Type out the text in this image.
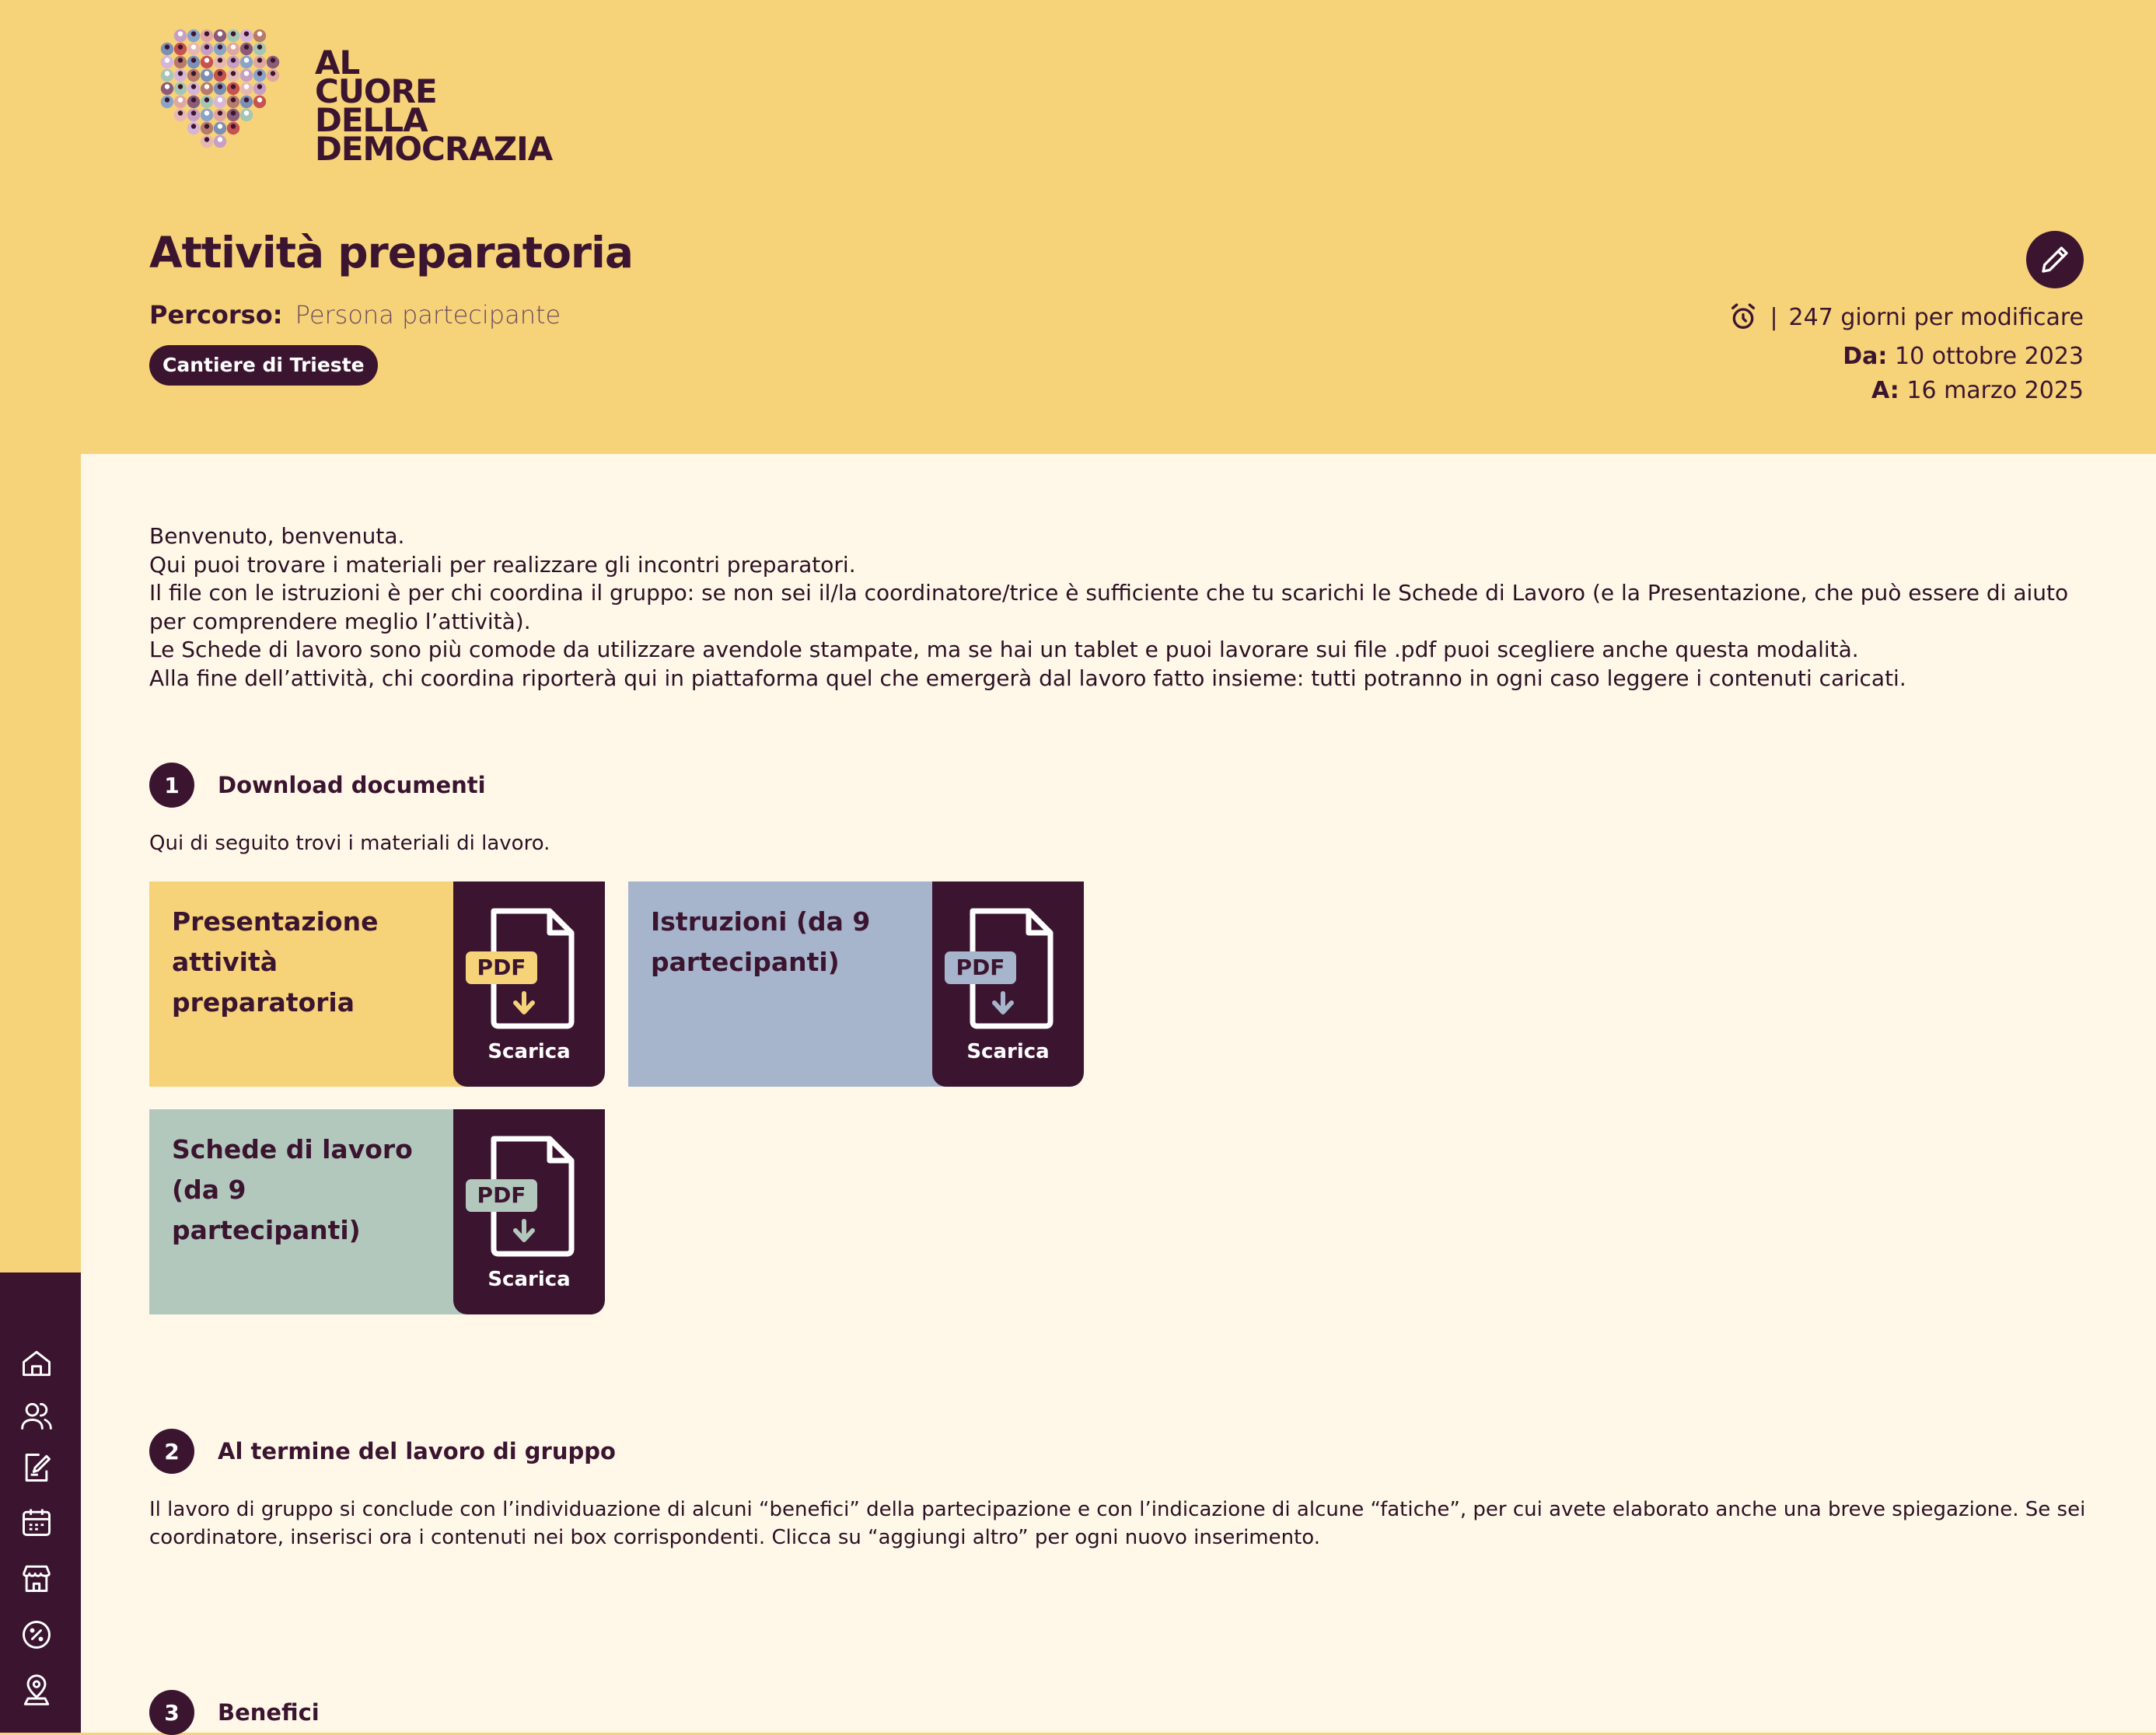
AL
CUORE
DELLA
DEMOCRAZIA
Attività preparatoria
Percorso: Persona partecipante
Cantiere di Trieste
| 247 giorni per modificare
Da: 10 ottobre 2023
A: 16 marzo 2025

Benvenuto, benvenuta.

Qui puoi trovare i materiali per realizzare gli incontri preparatori.

Il file con le istruzioni è per chi coordina il gruppo: se non sei il/la coordinatore/trice è sufficiente che tu scarichi le Schede di Lavoro (e la Presentazione, che può essere di aiuto per comprendere meglio l’attività).

Le Schede di lavoro sono più comode da utilizzare avendole stampate, ma se hai un tablet e puoi lavorare sui file .pdf puoi scegliere anche questa modalità.

Alla fine dell’attività, chi coordina riporterà qui in piattaforma quel che emergerà dal lavoro fatto insieme: tutti potranno in ogni caso leggere i contenuti caricati.

1	Download documenti
Qui di seguito trovi i materiali di lavoro.
Presentazione attività preparatoria
PDF
Scarica
Istruzioni (da 9 partecipanti)	PDF
Scarica
Schede di lavoro (da 9 partecipanti)
PDF
Scarica
2	Al termine del lavoro di gruppo
Il lavoro di gruppo si conclude con l’individuazione di alcuni “benefici” della partecipazione e con l’indicazione di alcune “fatiche”, per cui avete elaborato anche una breve spiegazione. Se sei coordinatore, inserisci ora i contenuti nei box corrispondenti. Clicca su “aggiungi altro” per ogni nuovo inserimento.
3	Benefici
